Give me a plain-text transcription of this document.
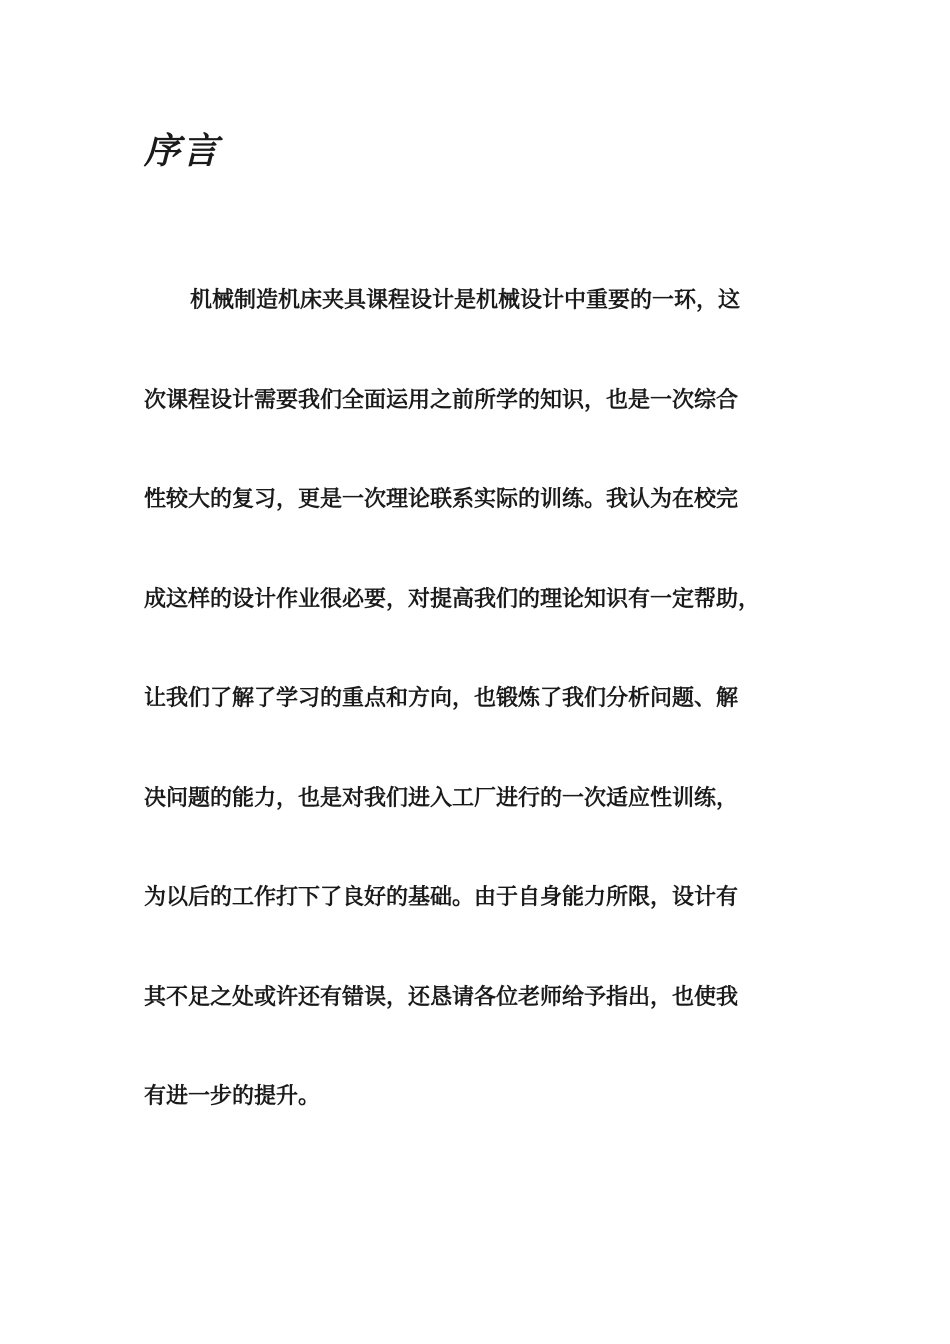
序言

机械制造机床夹具课程设计是机械设计中重要的一环，这

次课程设计需要我们全面运用之前所学的知识，也是一次综合

性较大的复习，更是一次理论联系实际的训练。我认为在校完

成这样的设计作业很必要，对提高我们的理论知识有一定帮助，

让我们了解了学习的重点和方向，也锻炼了我们分析问题、解

决问题的能力，也是对我们进入工厂进行的一次适应性训练，

为以后的工作打下了良好的基础。由于自身能力所限，设计有

其不足之处或许还有错误，还恳请各位老师给予指出，也使我

有进一步的提升。
